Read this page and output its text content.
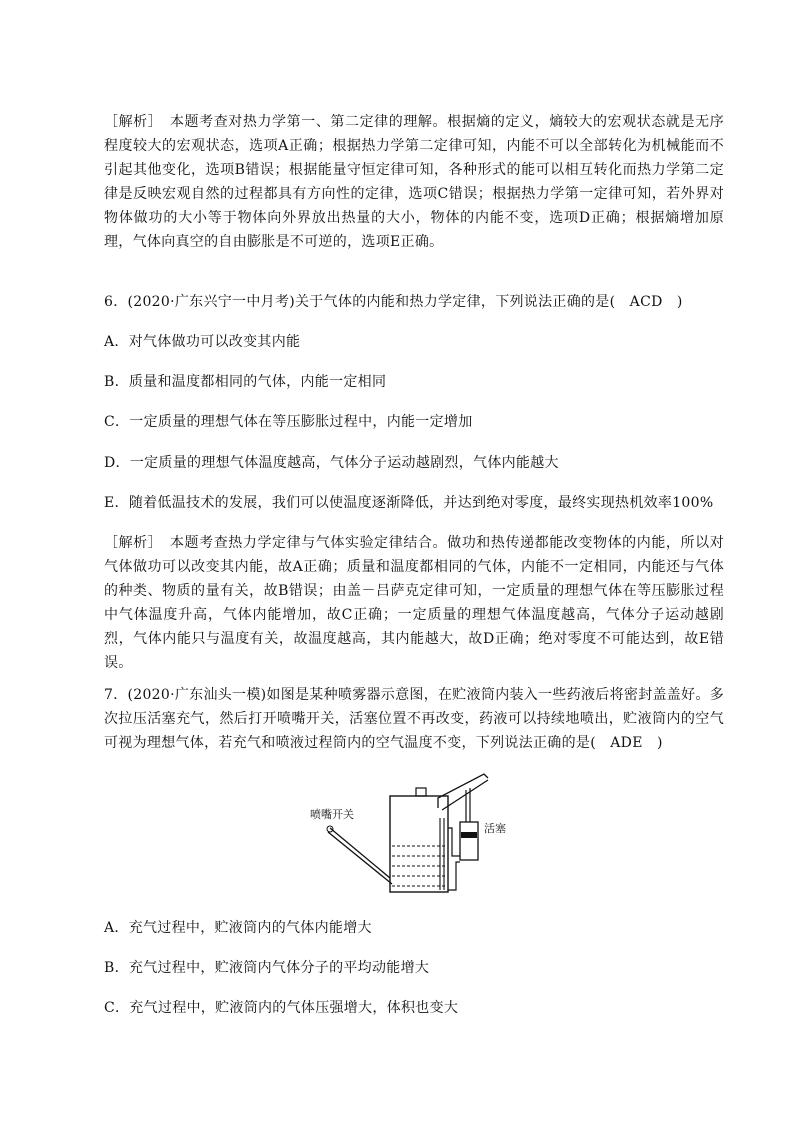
［解析］　本题考查对热力学第一、第二定律的理解。根据熵的定义，熵较大的宏观状态就是无序程度较大的宏观状态，选项A正确；根据热力学第二定律可知，内能不可以全部转化为机械能而不引起其他变化，选项B错误；根据能量守恒定律可知，各种形式的能可以相互转化而热力学第二定律是反映宏观自然的过程都具有方向性的定律，选项C错误；根据热力学第一定律可知，若外界对物体做功的大小等于物体向外界放出热量的大小，物体的内能不变，选项D正确；根据熵增加原理，气体向真空的自由膨胀是不可逆的，选项E正确。
6．(2020·广东兴宁一中月考)关于气体的内能和热力学定律，下列说法正确的是(　ACD　)
A．对气体做功可以改变其内能
B．质量和温度都相同的气体，内能一定相同
C．一定质量的理想气体在等压膨胀过程中，内能一定增加
D．一定质量的理想气体温度越高，气体分子运动越剧烈，气体内能越大
E．随着低温技术的发展，我们可以使温度逐渐降低，并达到绝对零度，最终实现热机效率100%
［解析］　本题考查热力学定律与气体实验定律结合。做功和热传递都能改变物体的内能，所以对气体做功可以改变其内能，故A正确；质量和温度都相同的气体，内能不一定相同，内能还与气体的种类、物质的量有关，故B错误；由盖－吕萨克定律可知，一定质量的理想气体在等压膨胀过程中气体温度升高，气体内能增加，故C正确；一定质量的理想气体温度越高，气体分子运动越剧烈，气体内能只与温度有关，故温度越高，其内能越大，故D正确；绝对零度不可能达到，故E错误。
7．(2020·广东汕头一模)如图是某种喷雾器示意图，在贮液筒内装入一些药液后将密封盖盖好。多次拉压活塞充气，然后打开喷嘴开关，活塞位置不再改变，药液可以持续地喷出，贮液筒内的空气可视为理想气体，若充气和喷液过程筒内的空气温度不变，下列说法正确的是(　ADE　)
喷嘴开关
活塞
A．充气过程中，贮液筒内的气体内能增大
B．充气过程中，贮液筒内气体分子的平均动能增大
C．充气过程中，贮液筒内的气体压强增大，体积也变大
